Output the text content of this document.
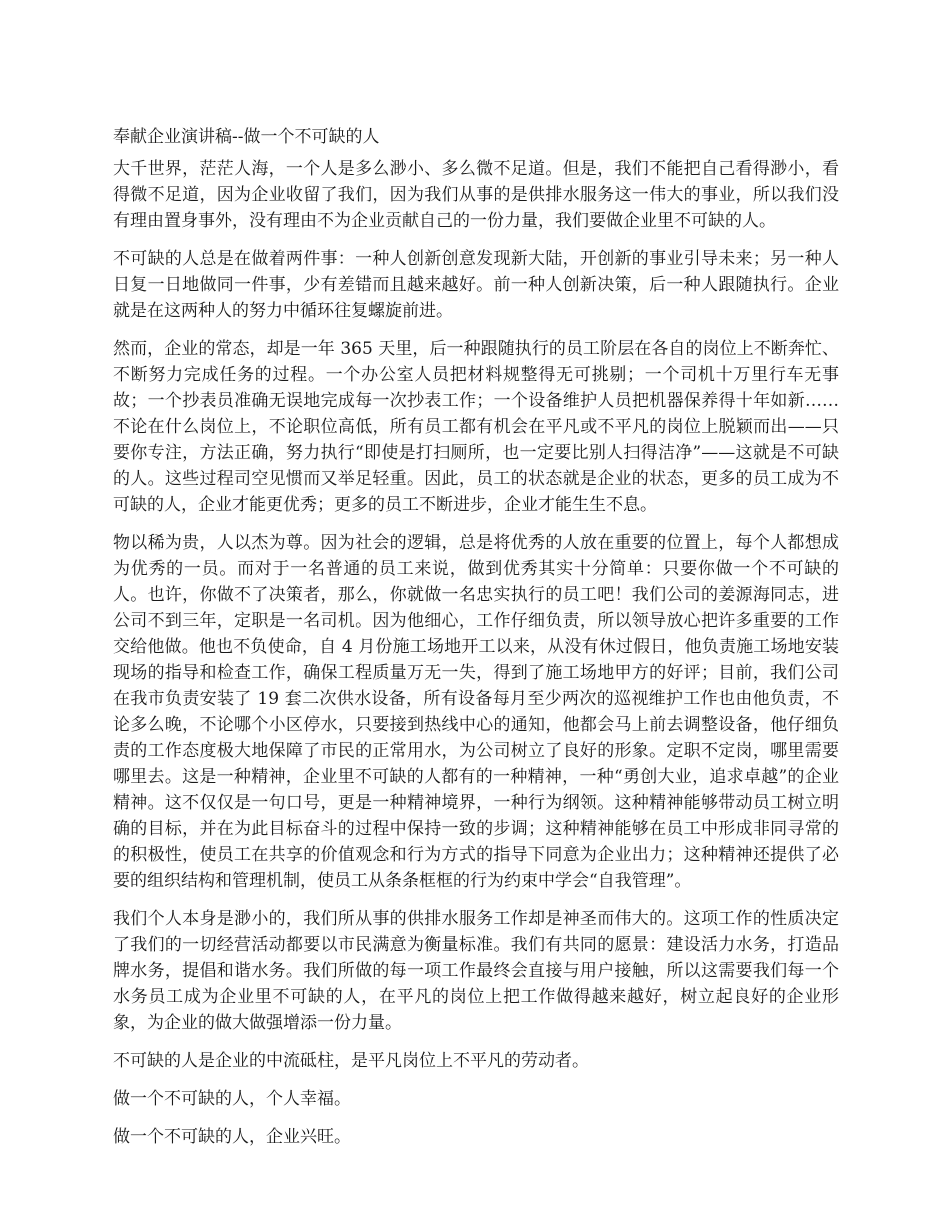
奉献企业演讲稿--做一个不可缺的人

大千世界，茫茫人海，一个人是多么渺小、多么微不足道。但是，我们不能把自己看得渺小，看得微不足道，因为企业收留了我们，因为我们从事的是供排水服务这一伟大的事业，所以我们没有理由置身事外，没有理由不为企业贡献自己的一份力量，我们要做企业里不可缺的人。

不可缺的人总是在做着两件事：一种人创新创意发现新大陆，开创新的事业引导未来；另一种人日复一日地做同一件事，少有差错而且越来越好。前一种人创新决策，后一种人跟随执行。企业就是在这两种人的努力中循环往复螺旋前进。

然而，企业的常态，却是一年 365 天里，后一种跟随执行的员工阶层在各自的岗位上不断奔忙、不断努力完成任务的过程。一个办公室人员把材料规整得无可挑剔；一个司机十万里行车无事故；一个抄表员准确无误地完成每一次抄表工作；一个设备维护人员把机器保养得十年如新……不论在什么岗位上，不论职位高低，所有员工都有机会在平凡或不平凡的岗位上脱颖而出——只要你专注，方法正确，努力执行“即使是打扫厕所，也一定要比别人扫得洁净”——这就是不可缺的人。这些过程司空见惯而又举足轻重。因此，员工的状态就是企业的状态，更多的员工成为不可缺的人，企业才能更优秀；更多的员工不断进步，企业才能生生不息。

物以稀为贵，人以杰为尊。因为社会的逻辑，总是将优秀的人放在重要的位置上，每个人都想成为优秀的一员。而对于一名普通的员工来说，做到优秀其实十分简单：只要你做一个不可缺的人。也许，你做不了决策者，那么，你就做一名忠实执行的员工吧！我们公司的姜源海同志，进公司不到三年，定职是一名司机。因为他细心，工作仔细负责，所以领导放心把许多重要的工作交给他做。他也不负使命，自 4 月份施工场地开工以来，从没有休过假日，他负责施工场地安装现场的指导和检查工作，确保工程质量万无一失，得到了施工场地甲方的好评；目前，我们公司在我市负责安装了 19 套二次供水设备，所有设备每月至少两次的巡视维护工作也由他负责，不论多么晚，不论哪个小区停水，只要接到热线中心的通知，他都会马上前去调整设备，他仔细负责的工作态度极大地保障了市民的正常用水，为公司树立了良好的形象。定职不定岗，哪里需要哪里去。这是一种精神，企业里不可缺的人都有的一种精神，一种“勇创大业，追求卓越”的企业精神。这不仅仅是一句口号，更是一种精神境界，一种行为纲领。这种精神能够带动员工树立明确的目标，并在为此目标奋斗的过程中保持一致的步调；这种精神能够在员工中形成非同寻常的的积极性，使员工在共享的价值观念和行为方式的指导下同意为企业出力；这种精神还提供了必要的组织结构和管理机制，使员工从条条框框的行为约束中学会“自我管理”。

我们个人本身是渺小的，我们所从事的供排水服务工作却是神圣而伟大的。这项工作的性质决定了我们的一切经营活动都要以市民满意为衡量标准。我们有共同的愿景：建设活力水务，打造品牌水务，提倡和谐水务。我们所做的每一项工作最终会直接与用户接触，所以这需要我们每一个水务员工成为企业里不可缺的人，在平凡的岗位上把工作做得越来越好，树立起良好的企业形象，为企业的做大做强增添一份力量。

不可缺的人是企业的中流砥柱，是平凡岗位上不平凡的劳动者。

做一个不可缺的人，个人幸福。

做一个不可缺的人，企业兴旺。
